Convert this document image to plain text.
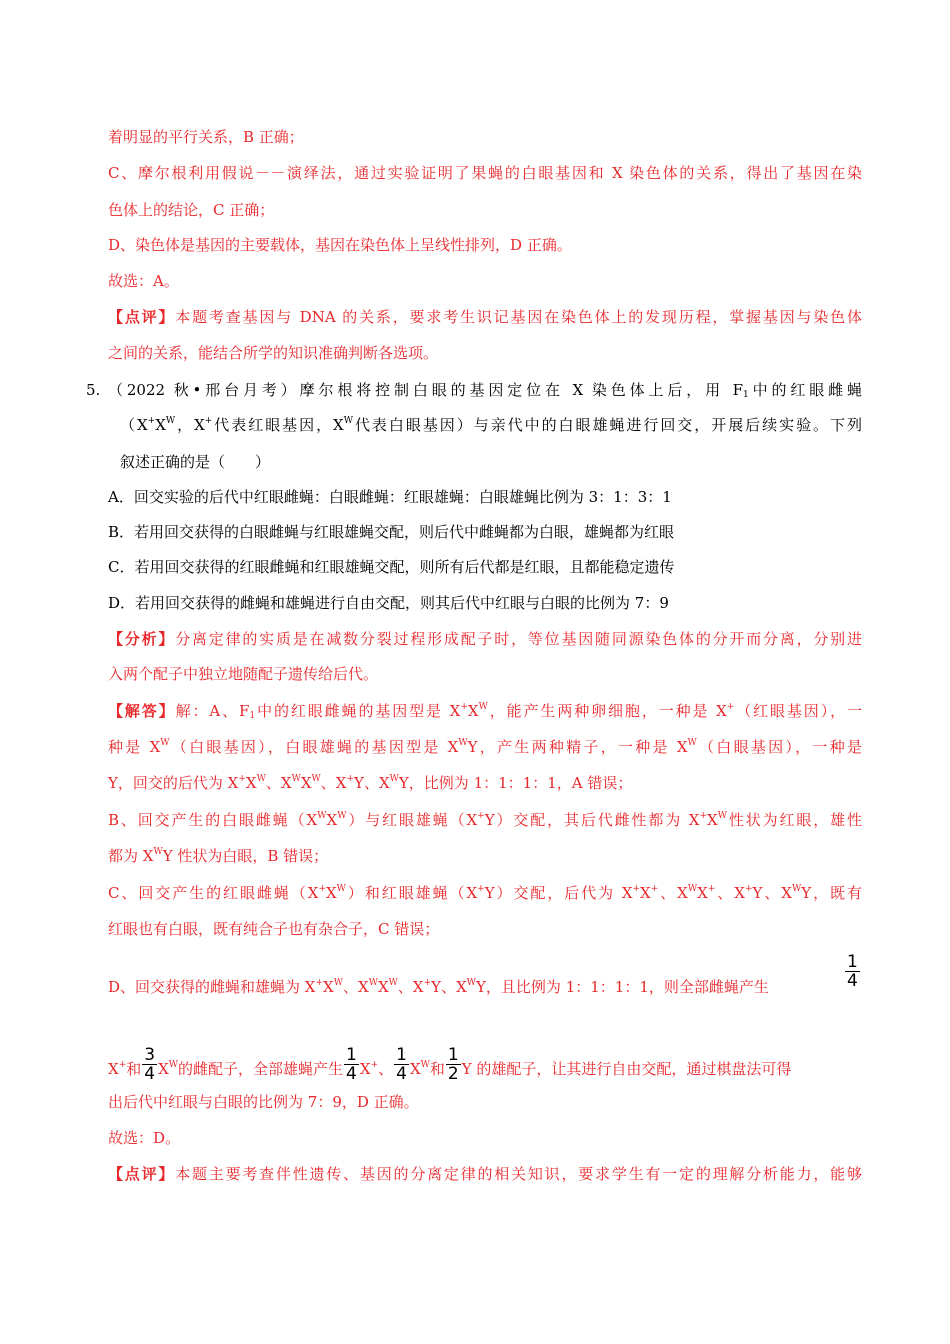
着明显的平行关系，B 正确；
C、摩尔根利用假说－－演绎法，通过实验证明了果蝇的白眼基因和 X 染色体的关系，得出了基因在染
色体上的结论，C 正确；
D、染色体是基因的主要载体，基因在染色体上呈线性排列，D 正确。
故选：A。
【点评】本题考查基因与 DNA 的关系，要求考生识记基因在染色体上的发现历程，掌握基因与染色体
之间的关系，能结合所学的知识准确判断各选项。
5. （2022 秋•邢台月考）摩尔根将控制白眼的基因定位在 X 染色体上后，用 $F_1$中的红眼雌蝇
（$X^+X^W$，X+代表红眼基因，$X^W$代表白眼基因）与亲代中的白眼雄蝇进行回交，开展后续实验。下列
叙述正确的是（　　）
A．回交实验的后代中红眼雌蝇：白眼雌蝇：红眼雄蝇：白眼雄蝇比例为 3：1：3：1
B．若用回交获得的白眼雌蝇与红眼雄蝇交配，则后代中雌蝇都为白眼，雄蝇都为红眼
C．若用回交获得的红眼雌蝇和红眼雄蝇交配，则所有后代都是红眼，且都能稳定遗传
D．若用回交获得的雌蝇和雄蝇进行自由交配，则其后代中红眼与白眼的比例为 7：9
【分析】分离定律的实质是在减数分裂过程形成配子时，等位基因随同源染色体的分开而分离，分别进
入两个配子中独立地随配子遗传给后代。
【解答】解：A、$F_1$中的红眼雌蝇的基因型是 $X^+X^W$，能产生两种卵细胞，一种是 X+（红眼基因），一
种是 $X^W$（白眼基因），白眼雄蝇的基因型是 $X^WY$，产生两种精子，一种是 $X^W$（白眼基因），一种是
Y，回交的后代为 $X^+X^W$、$X^WX^W$、X+Y、$X^WY$，比例为 1：1：1：1，A 错误；
B、回交产生的白眼雌蝇$(X^WX^W)$与红眼雄蝇（X+Y）交配，其后代雌性都为 $X^+X^W$性状为红眼，雄性
都为 $X^WY$ 性状为白眼，B 错误；
C、回交产生的红眼雌蝇$(X^+X^W)$和红眼雄蝇（X+Y）交配，后代为 X+X+、$X^WX^+$、X+Y、$X^WY$，既有
红眼也有白眼，既有纯合子也有杂合子，C 错误；
D、回交获得的雌蝇和雄蝇为 $X^+X^W$、$X^WX^W$、X+Y、$X^WY$，且比例为 1：1：1：1，则全部雌蝇产生	$\frac{1}{4}$
X+和 $\frac{3}{4} X^W$的雌配子，全部雄蝇产生 $\frac{1}{4} X^+$、 $\frac{1}{4} X^W$和 $\frac{1}{2}$ Y 的雄配子，让其进行自由交配，通过棋盘法可得
出后代中红眼与白眼的比例为 7：9，D 正确。
故选：D。
【点评】本题主要考查伴性遗传、基因的分离定律的相关知识，要求学生有一定的理解分析能力，能够
